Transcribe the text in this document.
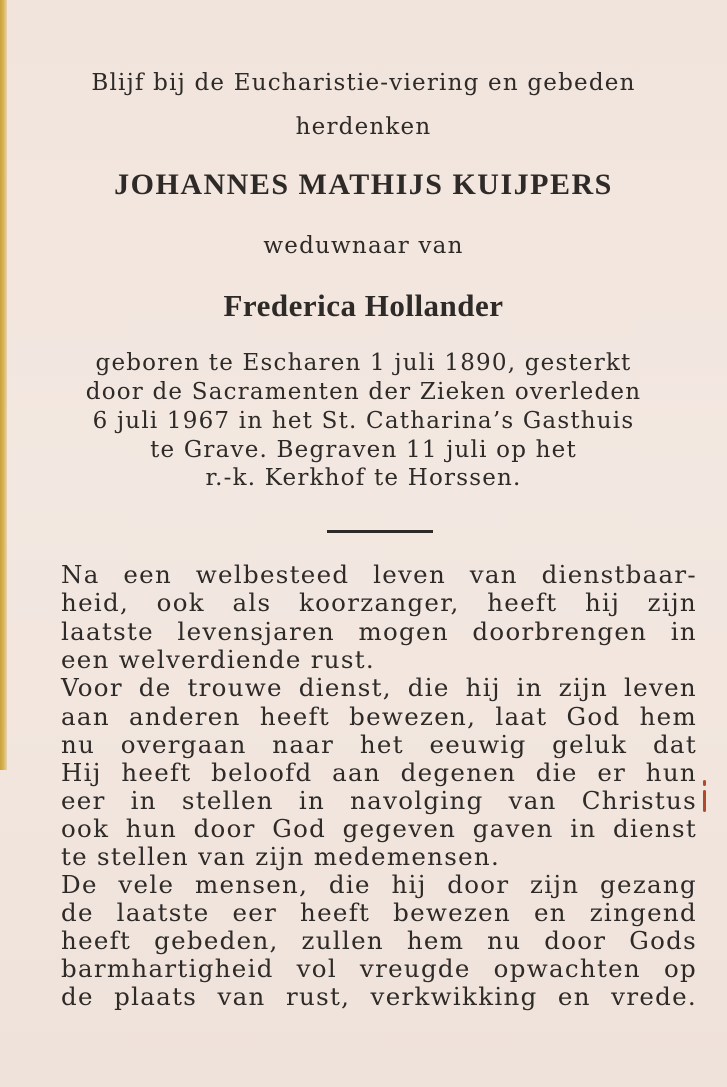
Blijf bij de Eucharistie-viering en gebeden
herdenken
JOHANNES MATHIJS KUIJPERS
weduwnaar van
Frederica Hollander
geboren te Escharen 1 juli 1890, gesterkt
door de Sacramenten der Zieken overleden
6 juli 1967 in het St. Catharina’s Gasthuis
te Grave. Begraven 11 juli op het
r.-k. Kerkhof te Horssen.
Na een welbesteed leven van dienstbaar-
heid, ook als koorzanger, heeft hij zijn
laatste levensjaren mogen doorbrengen in
een welverdiende rust.
Voor de trouwe dienst, die hij in zijn leven
aan anderen heeft bewezen, laat God hem
nu overgaan naar het eeuwig geluk dat
Hij heeft beloofd aan degenen die er hun
eer in stellen in navolging van Christus
ook hun door God gegeven gaven in dienst
te stellen van zijn medemensen.
De vele mensen, die hij door zijn gezang
de laatste eer heeft bewezen en zingend
heeft gebeden, zullen hem nu door Gods
barmhartigheid vol vreugde opwachten op
de plaats van rust, verkwikking en vrede.
